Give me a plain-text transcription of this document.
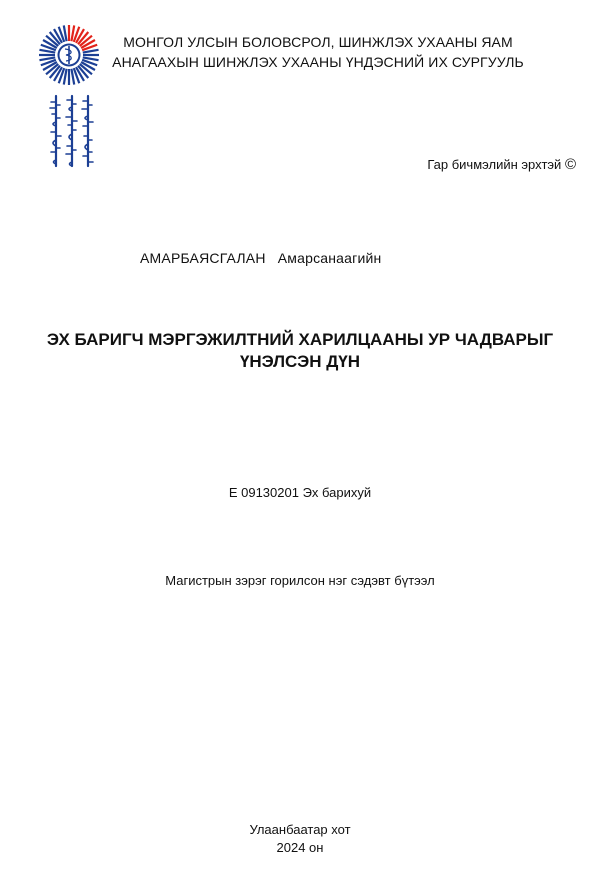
МОНГОЛ УЛСЫН БОЛОВСРОЛ, ШИНЖЛЭХ УХААНЫ ЯАМ
АНАГААХЫН ШИНЖЛЭХ УХААНЫ ҮНДЭСНИЙ ИХ СУРГУУЛЬ
Гар бичмэлийн эрхтэй ©
АМАРБАЯСГАЛАН Амарсанаагийн
ЭХ БАРИГЧ МЭРГЭЖИЛТНИЙ ХАРИЛЦААНЫ УР ЧАДВАРЫГ
ҮНЭЛСЭН ДҮН
E 09130201 Эх барихуй
Магистрын зэрэг горилсон нэг сэдэвт бүтээл
Улаанбаатар хот
2024 он
